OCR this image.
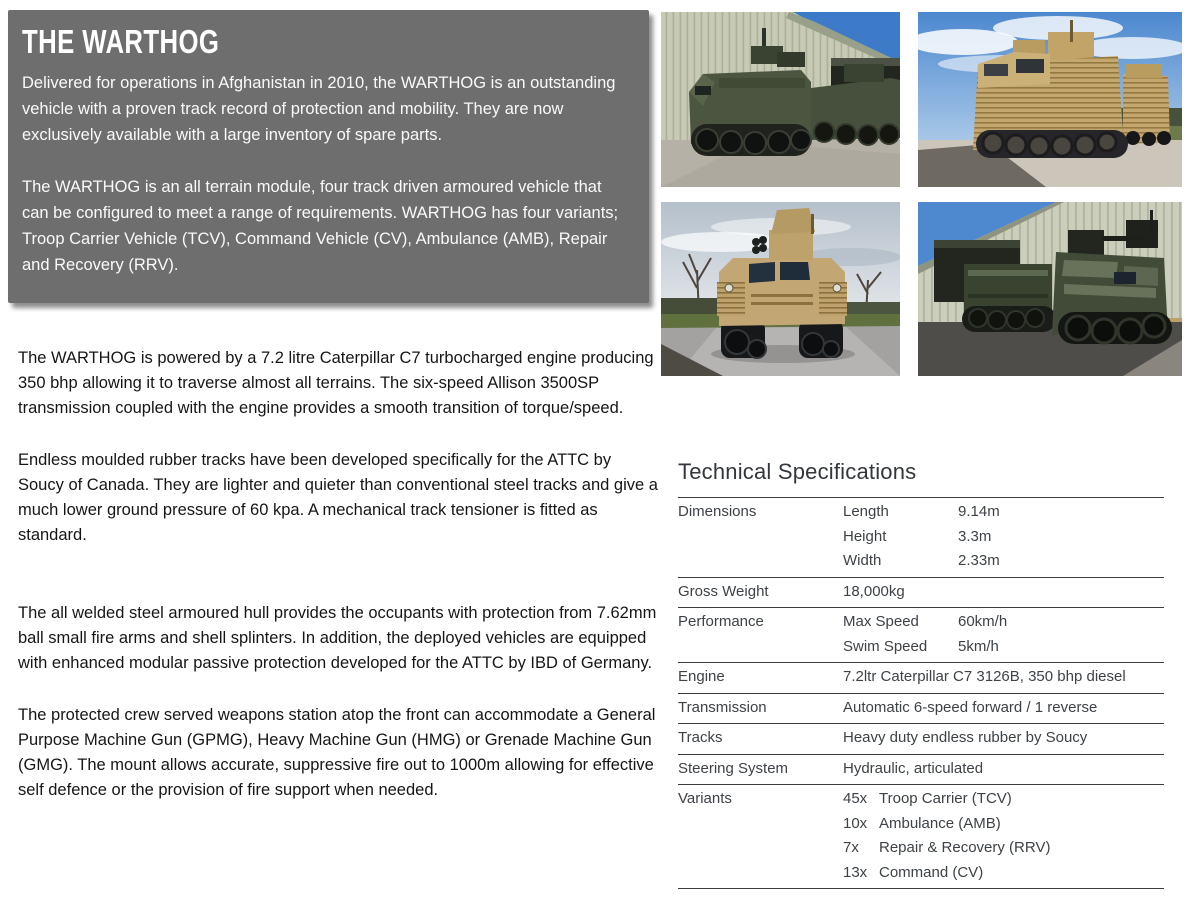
THE WARTHOG

Delivered for operations in Afghanistan in 2010, the WARTHOG is an outstanding vehicle with a proven track record of protection and mobility. They are now exclusively available with a large inventory of spare parts.

The WARTHOG is an all terrain module, four track driven armoured vehicle that can be configured to meet a range of requirements. WARTHOG has four variants; Troop Carrier Vehicle (TCV), Command Vehicle (CV), Ambulance (AMB), Repair and Recovery (RRV).

The WARTHOG is powered by a 7.2 litre Caterpillar C7 turbocharged engine producing 350 bhp allowing it to traverse almost all terrains. The six-speed Allison 3500SP transmission coupled with the engine provides a smooth transition of torque/speed.

Endless moulded rubber tracks have been developed specifically for the ATTC by Soucy of Canada. They are lighter and quieter than conventional steel tracks and give a much lower ground pressure of 60 kpa. A mechanical track tensioner is fitted as standard.

The all welded steel armoured hull provides the occupants with protection from 7.62mm ball small fire arms and shell splinters. In addition, the deployed vehicles are equipped with enhanced modular passive protection developed for the ATTC by IBD of Germany.

The protected crew served weapons station atop the front can accommodate a General Purpose Machine Gun (GPMG), Heavy Machine Gun (HMG) or Grenade Machine Gun (GMG). The mount allows accurate, suppressive fire out to 1000m allowing for effective self defence or the provision of fire support when needed.

Technical Specifications
Dimensions	Length	9.14m
Height	3.3m
Width	2.33m
Gross Weight	18,000kg
Performance	Max Speed	60km/h
Swim Speed	5km/h
Engine	7.2ltr Caterpillar C7 3126B, 350 bhp diesel
Transmission	Automatic 6-speed forward / 1 reverse
Tracks	Heavy duty endless rubber by Soucy
Steering System	Hydraulic, articulated
Variants	45x Troop Carrier (TCV)
10x Ambulance (AMB)
7x	Repair & Recovery (RRV)
13x Command (CV)
